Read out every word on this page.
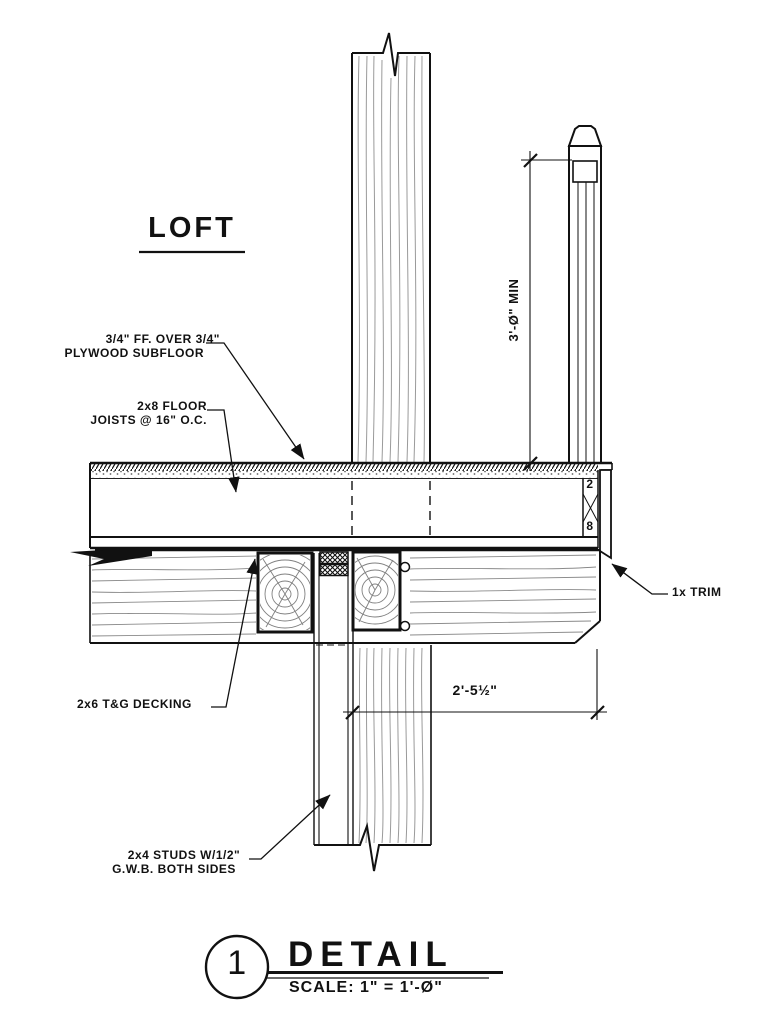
LOFT
3/4" FF. OVER 3/4"
PLYWOOD SUBFLOOR
2x8 FLOOR
JOISTS @ 16" O.C.
1x TRIM
2x6 T&G DECKING
2x4 STUDS W/1/2"
G.W.B. BOTH SIDES
2
8
3'-Ø" MIN
2'-5½"
1 DETAIL
SCALE: 1" = 1'-Ø"
